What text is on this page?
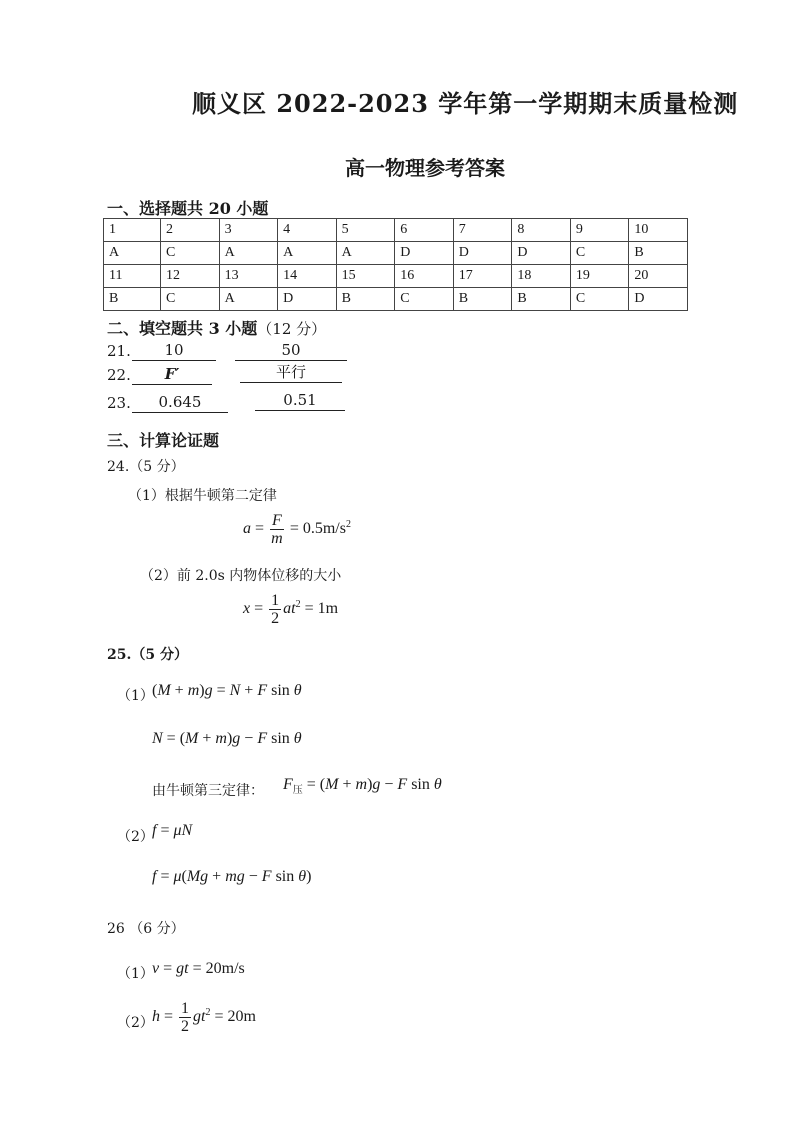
顺义区 2022-2023 学年第一学期期末质量检测
高一物理参考答案
一、选择题共 20 小题
1	2	3	4	5	6	7	8	9	10
A	C	A	A	A	D	D	D	C	B
11	12	13	14	15	16	17	18	19	20
B	C	A	D	B	C	B	B	C	D
二、填空题共 3 小题（12 分）
21.	10	50
22.	F′	平行
23.	0.645	0.51
三、计算论证题
24.（5 分）
（1）根据牛顿第二定律
$a = \frac{F}{m} = 0.5m/s^2$
（2）前 2.0s 内物体位移的大小
$x = \frac{1}{2} at^2 = 1m$
25.（5 分）
（1）
(M + m)g = N + F sin θ
N = (M + m)g − F sin θ
由牛顿第三定律： $F_压 = (M + m)g - F$ sin θ
（2）
f = μN
f = μ(Mg + mg − F sin θ)
26 （6 分）
（1）
v = gt = 20m/s
（2）
$h = \frac{1}{2} gt^2 = 20m$
